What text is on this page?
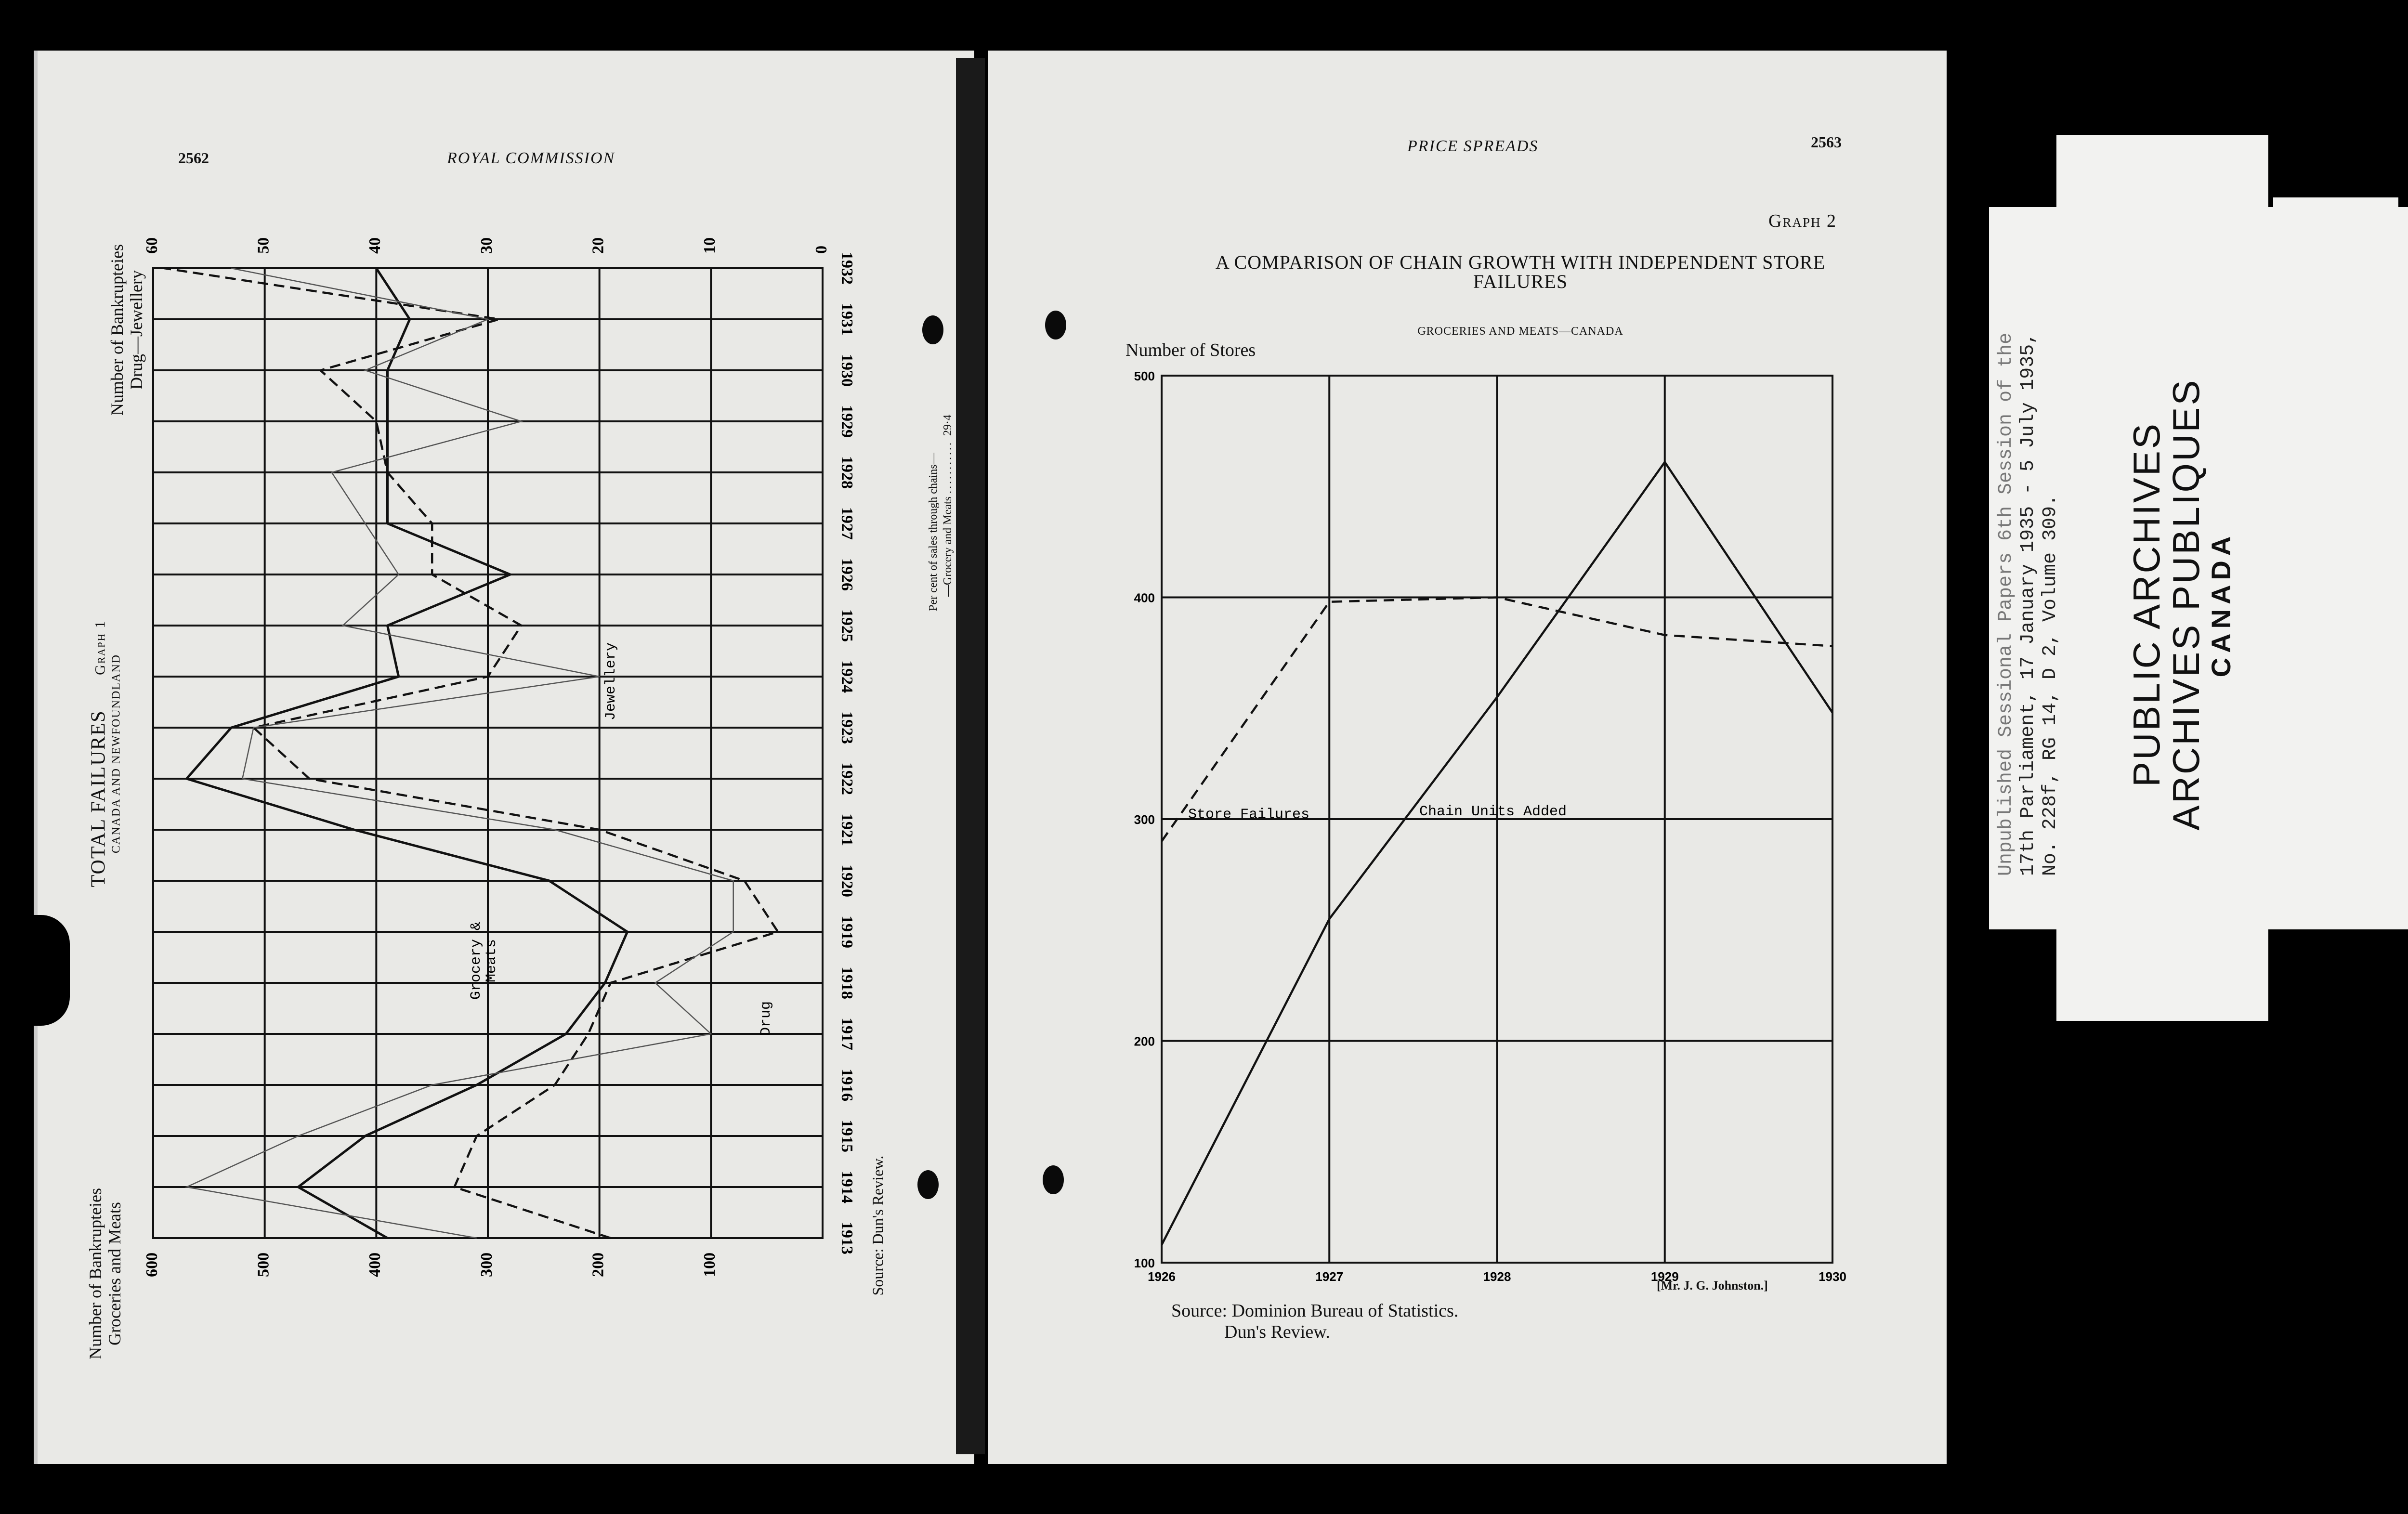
2562	ROYAL COMMISSION
TOTAL FAILURES Graph 1
CANADA AND NEWFOUNDLAND
Number of Bankrupteies Groceries and Meats
Number of Bankrupteies Drug—Jewellery
Per cent of sales through chains— —Grocery and Meats ........... 29·4
Source: Dun's Review.
1913
1914
1915
1916
1917
1918
1919
1920
1921
1922
1923
1924
1925
1926
1927
1928
1929
1930
1931
1932
600	500	400	300	200	100
60	50	40	30	20	10	0
Grocery &
Meats
Drug
Jewellery
PRICE SPREADS	2563
Graph 2
A COMPARISON OF CHAIN GROWTH WITH INDEPENDENT STORE
FAILURES
GROCERIES AND MEATS—CANADA
Number of Stores
[Mr. J. G. Johnston.]
Source: Dominion Bureau of Statistics.
Dun's Review.
1926	1927	1928	1929	1930
500
400
300
200
100
Store Failures	Chain Units Added	Unpublished Sessional Papers 6th Session of the 17th Parliament, 17 January 1935 - 5 July 1935, No. 228f, RG 14, D 2, Volume 309. PUBLIC ARCHIVES
ARCHIVES PUBLIQUES
CANADA
